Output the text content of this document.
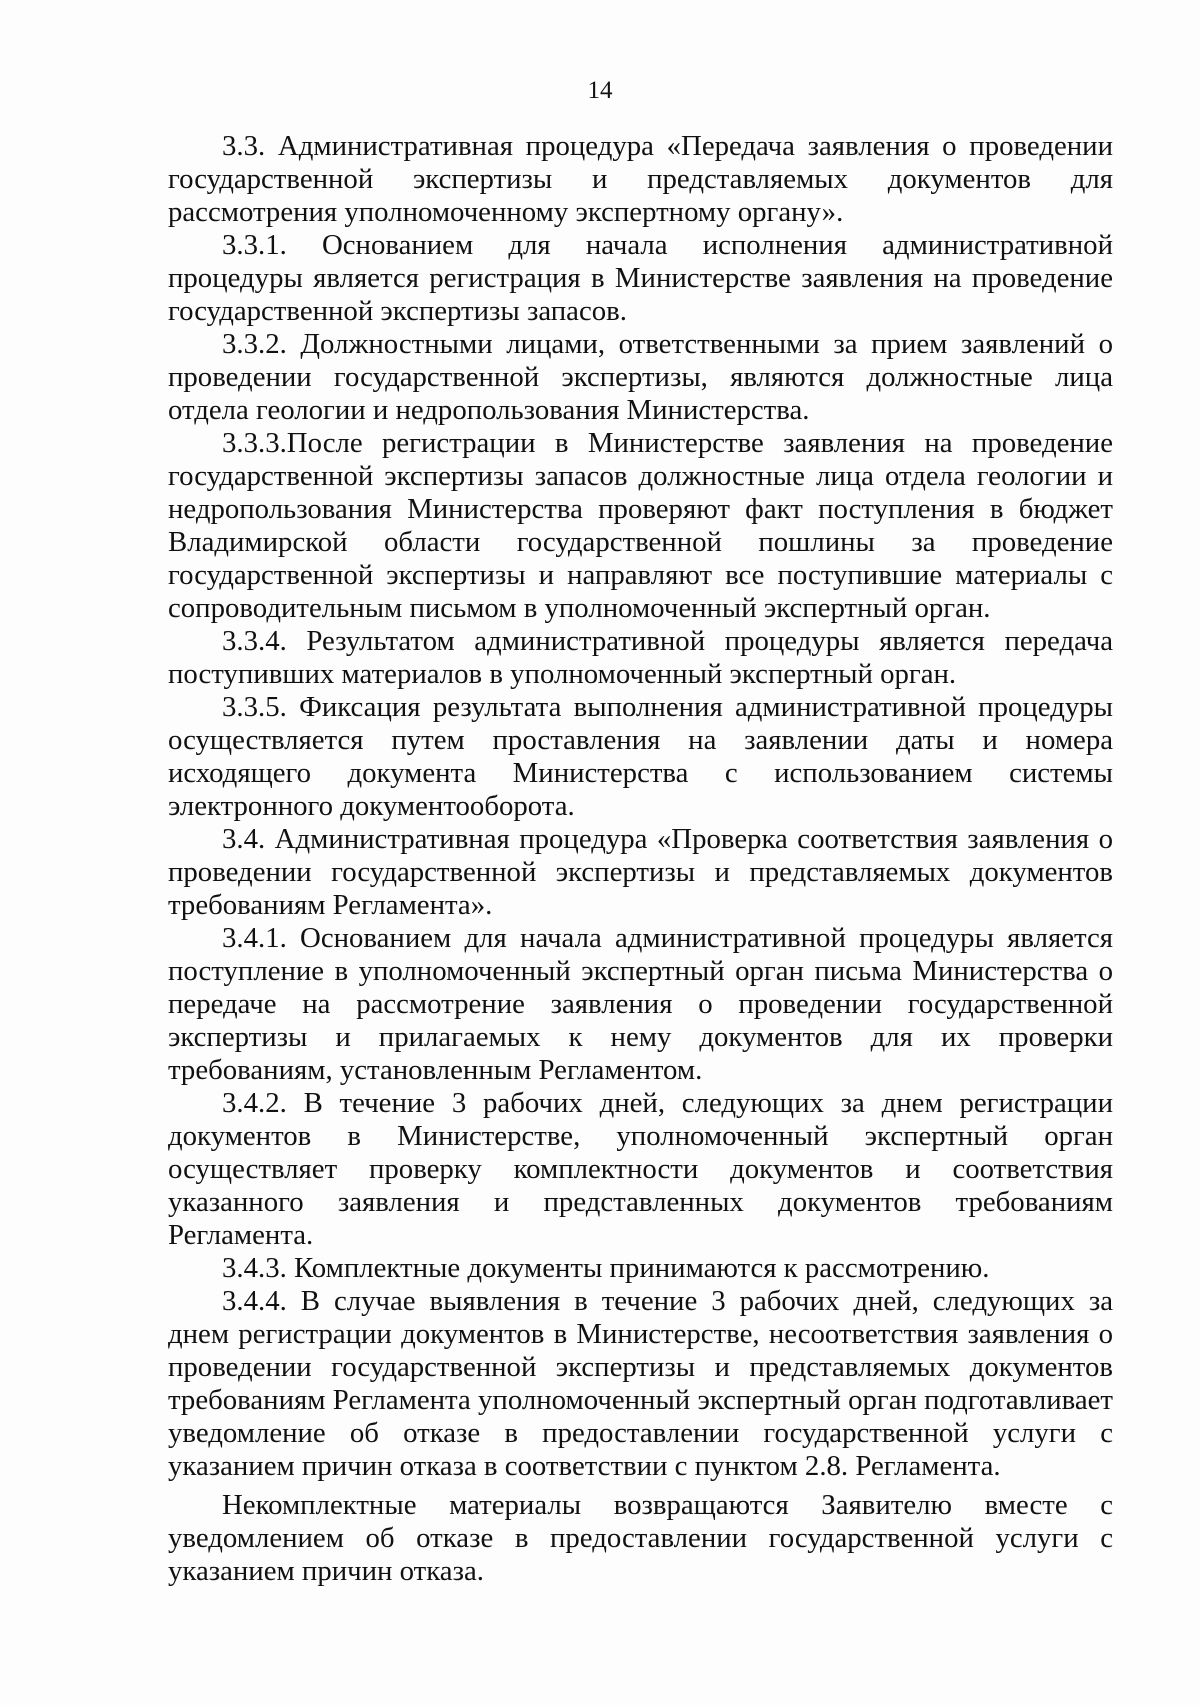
14

3.3. Административная процедура «Передача заявления о проведении государственной экспертизы и представляемых документов для рассмотрения уполномоченному экспертному органу».

3.3.1. Основанием для начала исполнения административной процедуры является регистрация в Министерстве заявления на проведение государственной экспертизы запасов.

3.3.2. Должностными лицами, ответственными за прием заявлений о проведении государственной экспертизы, являются должностные лица отдела геологии и недропользования Министерства.

3.3.3.После регистрации в Министерстве заявления на проведение государственной экспертизы запасов должностные лица отдела геологии и недропользования Министерства проверяют факт поступления в бюджет Владимирской области государственной пошлины за проведение государственной экспертизы и направляют все поступившие материалы с сопроводительным письмом в уполномоченный экспертный орган.

3.3.4. Результатом административной процедуры является передача поступивших материалов в уполномоченный экспертный орган.

3.3.5. Фиксация результата выполнения административной процедуры осуществляется путем проставления на заявлении даты и номера исходящего документа Министерства с использованием системы электронного документооборота.

3.4. Административная процедура «Проверка соответствия заявления о проведении государственной экспертизы и представляемых документов требованиям Регламента».

3.4.1. Основанием для начала административной процедуры является поступление в уполномоченный экспертный орган письма Министерства о передаче на рассмотрение заявления о проведении государственной экспертизы и прилагаемых к нему документов для их проверки требованиям, установленным Регламентом.

3.4.2. В течение 3 рабочих дней, следующих за днем регистрации документов в Министерстве, уполномоченный экспертный орган осуществляет проверку комплектности документов и соответствия указанного заявления и представленных документов требованиям Регламента.

3.4.3. Комплектные документы принимаются к рассмотрению.

3.4.4. В случае выявления в течение 3 рабочих дней, следующих за днем регистрации документов в Министерстве, несоответствия заявления о проведении государственной экспертизы и представляемых документов требованиям Регламента уполномоченный экспертный орган подготавливает уведомление об отказе в предоставлении государственной услуги с указанием причин отказа в соответствии с пунктом 2.8. Регламента.

Некомплектные материалы возвращаются Заявителю вместе с уведомлением об отказе в предоставлении государственной услуги с указанием причин отказа.
